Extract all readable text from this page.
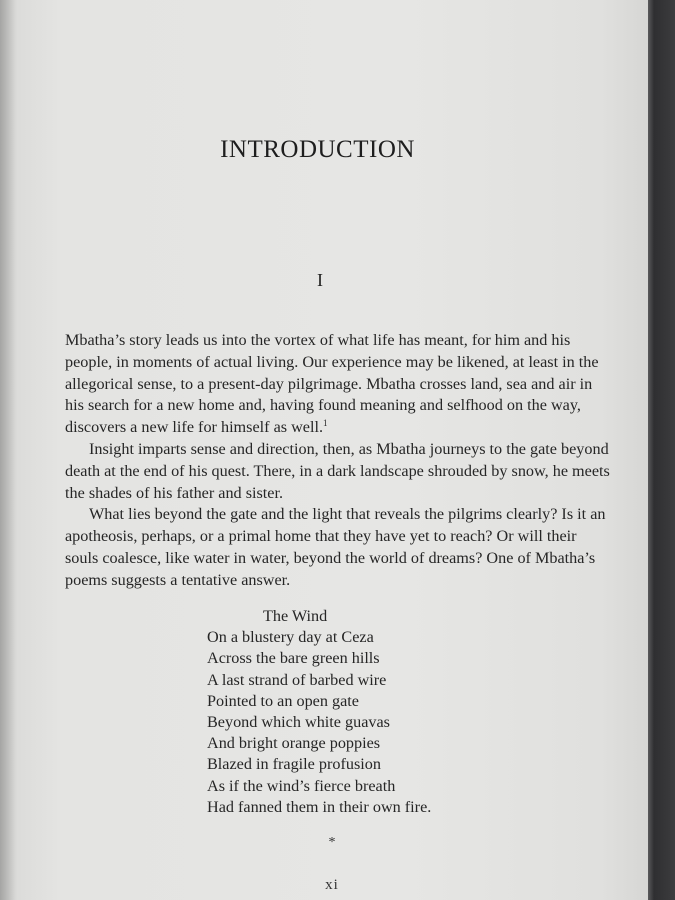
INTRODUCTION
I

Mbatha’s story leads us into the vortex of what life has meant, for him and his people, in moments of actual living. Our experience may be likened, at least in the allegorical sense, to a present-day pilgrimage. Mbatha crosses land, sea and air in his search for a new home and, having found meaning and selfhood on the way, discovers a new life for himself as well.$^1$

Insight imparts sense and direction, then, as Mbatha journeys to the gate beyond death at the end of his quest. There, in a dark landscape shrouded by snow, he meets the shades of his father and sister.

What lies beyond the gate and the light that reveals the pilgrims clearly? Is it an apotheosis, perhaps, or a primal home that they have yet to reach? Or will their souls coalesce, like water in water, beyond the world of dreams? One of Mbatha’s poems suggests a tentative answer.

The Wind
On a blustery day at Ceza
Across the bare green hills
A last strand of barbed wire
Pointed to an open gate
Beyond which white guavas
And bright orange poppies
Blazed in fragile profusion
As if the wind’s fierce breath
Had fanned them in their own fire.
*
xi
